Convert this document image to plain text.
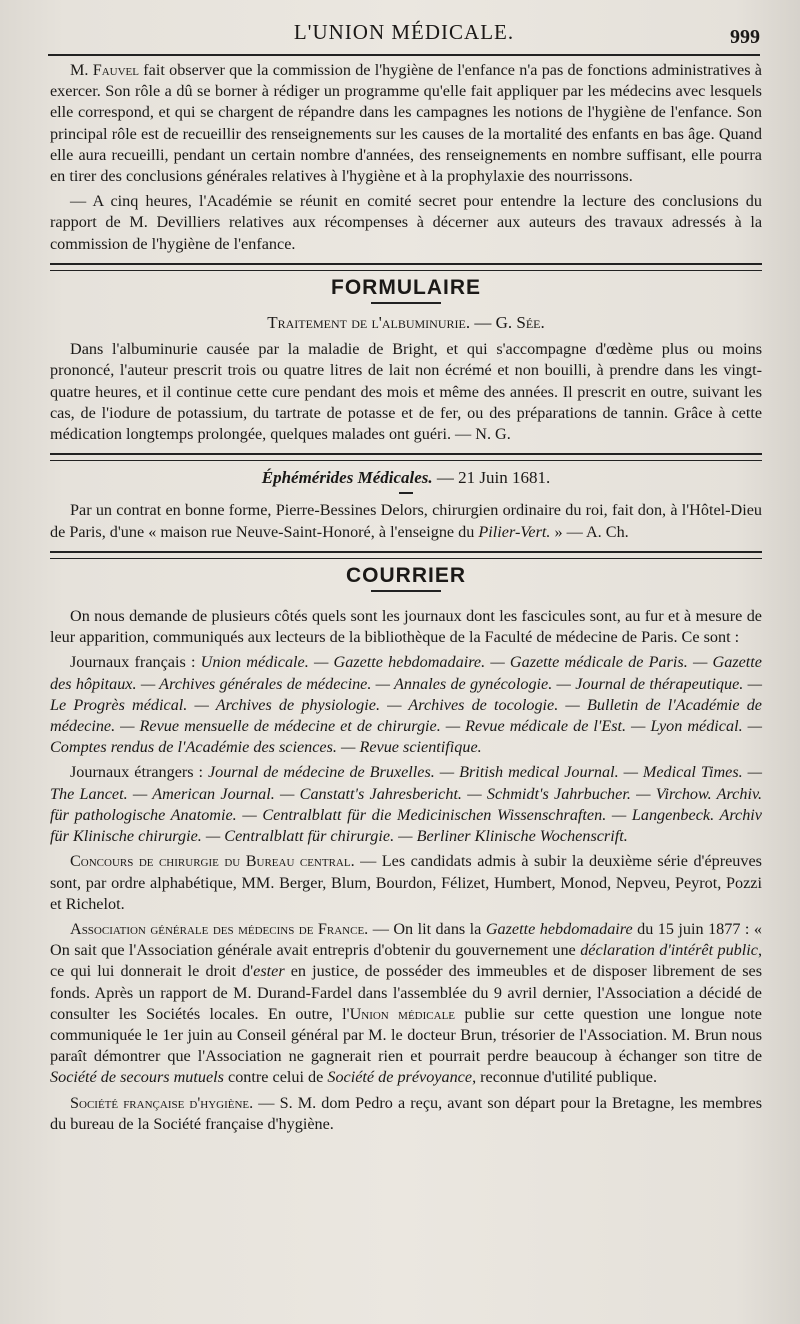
L'UNION MÉDICALE.	999

M. Fauvel fait observer que la commission de l'hygiène de l'enfance n'a pas de fonctions administratives à exercer. Son rôle a dû se borner à rédiger un programme qu'elle fait appliquer par les médecins avec lesquels elle correspond, et qui se chargent de répandre dans les campagnes les notions de l'hygiène de l'enfance. Son principal rôle est de recueillir des renseignements sur les causes de la mortalité des enfants en bas âge. Quand elle aura recueilli, pendant un certain nombre d'années, des renseignements en nombre suffisant, elle pourra en tirer des conclusions générales relatives à l'hygiène et à la prophylaxie des nourrissons.

— A cinq heures, l'Académie se réunit en comité secret pour entendre la lecture des conclusions du rapport de M. Devilliers relatives aux récompenses à décerner aux auteurs des travaux adressés à la commission de l'hygiène de l'enfance.

FORMULAIRE
Traitement de l'albuminurie. — G. Sée.

Dans l'albuminurie causée par la maladie de Bright, et qui s'accompagne d'œdème plus ou moins prononcé, l'auteur prescrit trois ou quatre litres de lait non écrémé et non bouilli, à prendre dans les vingt-quatre heures, et il continue cette cure pendant des mois et même des années. Il prescrit en outre, suivant les cas, de l'iodure de potassium, du tartrate de potasse et de fer, ou des préparations de tannin. Grâce à cette médication longtemps prolongée, quelques malades ont guéri. — N. G.

Éphémérides Médicales. — 21 Juin 1681.

Par un contrat en bonne forme, Pierre-Bessines Delors, chirurgien ordinaire du roi, fait don, à l'Hôtel-Dieu de Paris, d'une « maison rue Neuve-Saint-Honoré, à l'enseigne du Pilier-Vert. » — A. Ch.

COURRIER

On nous demande de plusieurs côtés quels sont les journaux dont les fascicules sont, au fur et à mesure de leur apparition, communiqués aux lecteurs de la bibliothèque de la Faculté de médecine de Paris. Ce sont :

Journaux français : Union médicale. — Gazette hebdomadaire. — Gazette médicale de Paris. — Gazette des hôpitaux. — Archives générales de médecine. — Annales de gynécologie. — Journal de thérapeutique. — Le Progrès médical. — Archives de physiologie. — Archives de tocologie. — Bulletin de l'Académie de médecine. — Revue mensuelle de médecine et de chirurgie. — Revue médicale de l'Est. — Lyon médical. — Comptes rendus de l'Académie des sciences. — Revue scientifique.

Journaux étrangers : Journal de médecine de Bruxelles. — British medical Journal. — Medical Times. — The Lancet. — American Journal. — Canstatt's Jahresbericht. — Schmidt's Jahrbucher. — Virchow. Archiv. für pathologische Anatomie. — Centralblatt für die Medicinischen Wissenschraften. — Langenbeck. Archiv für Klinische chirurgie. — Centralblatt für chirurgie. — Berliner Klinische Wochenscrift.

Concours de chirurgie du Bureau central. — Les candidats admis à subir la deuxième série d'épreuves sont, par ordre alphabétique, MM. Berger, Blum, Bourdon, Félizet, Humbert, Monod, Nepveu, Peyrot, Pozzi et Richelot.

Association générale des médecins de France. — On lit dans la Gazette hebdomadaire du 15 juin 1877 : « On sait que l'Association générale avait entrepris d'obtenir du gouvernement une déclaration d'intérêt public, ce qui lui donnerait le droit d'ester en justice, de posséder des immeubles et de disposer librement de ses fonds. Après un rapport de M. Durand-Fardel dans l'assemblée du 9 avril dernier, l'Association a décidé de consulter les Sociétés locales. En outre, l'Union médicale publie sur cette question une longue note communiquée le 1er juin au Conseil général par M. le docteur Brun, trésorier de l'Association. M. Brun nous paraît démontrer que l'Association ne gagnerait rien et pourrait perdre beaucoup à échanger son titre de Société de secours mutuels contre celui de Société de prévoyance, reconnue d'utilité publique.

Société française d'hygiène. — S. M. dom Pedro a reçu, avant son départ pour la Bretagne, les membres du bureau de la Société française d'hygiène.
